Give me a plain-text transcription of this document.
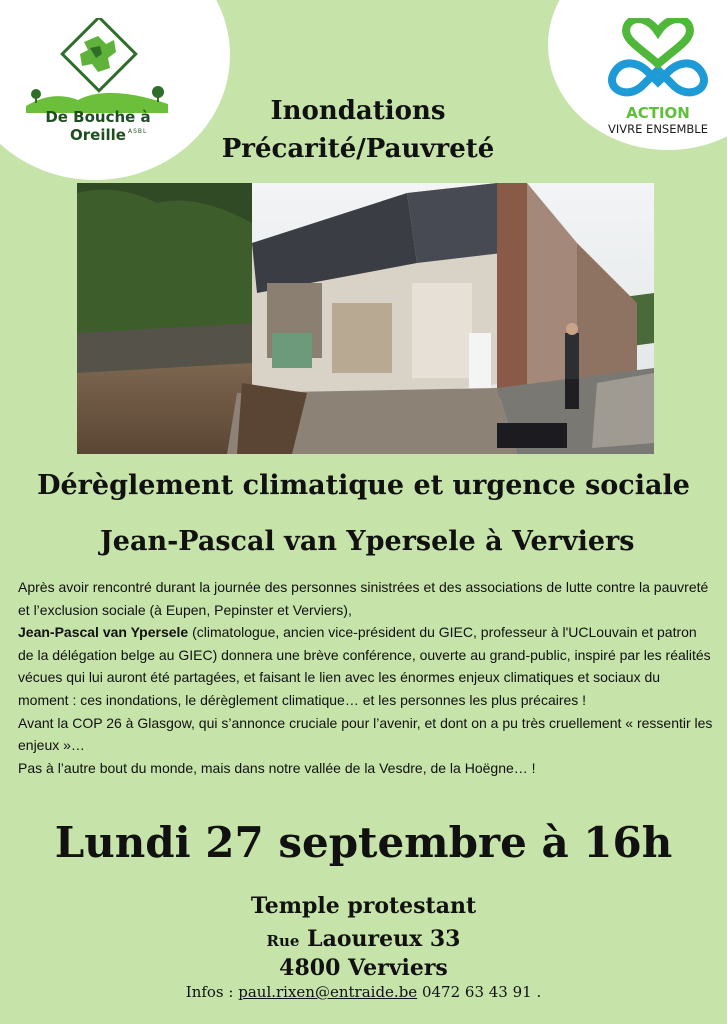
De Bouche à Oreille ASBL
ACTION
VIVRE ENSEMBLE
Inondations
Précarité/Pauvreté
Dérèglement climatique et urgence sociale
Jean-Pascal van Ypersele à Verviers

Après avoir rencontré durant la journée des personnes sinistrées et des associations de lutte contre la pauvreté et l’exclusion sociale (à Eupen, Pepinster et Verviers),

Jean-Pascal van Ypersele (climatologue, ancien vice-président du GIEC, professeur à l'UCLouvain et patron de la délégation belge au GIEC) donnera une brève conférence, ouverte au grand-public, inspiré par les réalités vécues qui lui auront été partagées, et faisant le lien avec les énormes enjeux climatiques et sociaux du moment : ces inondations, le dérèglement climatique… et les personnes les plus précaires !

Avant la COP 26 à Glasgow, qui s’annonce cruciale pour l’avenir, et dont on a pu très cruellement « ressentir les enjeux »…

Pas à l’autre bout du monde, mais dans notre vallée de la Vesdre, de la Hoëgne… !

Lundi 27 septembre à 16h
Temple protestant
Rue Laoureux 33
4800 Verviers
Infos : paul.rixen@entraide.be 0472 63 43 91 .
